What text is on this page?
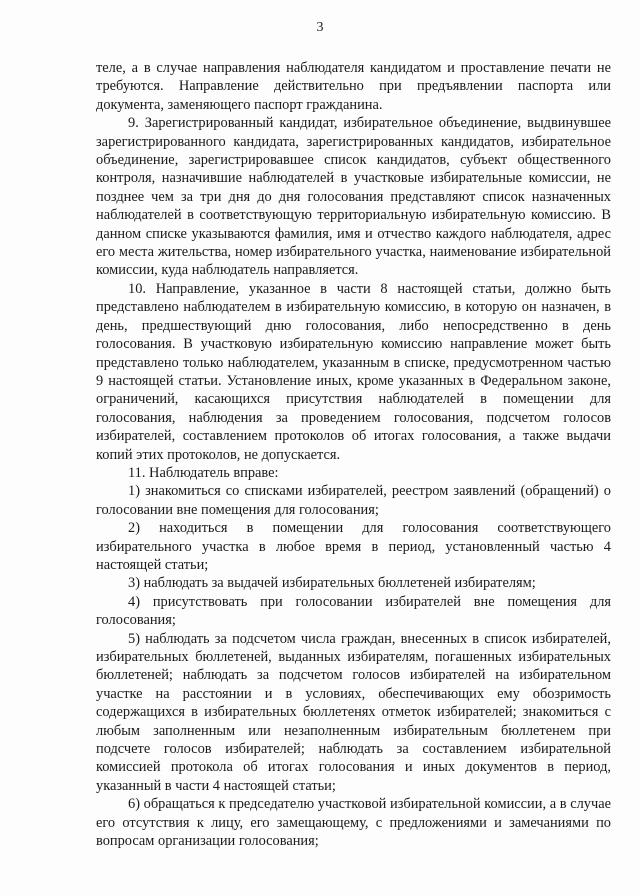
3

теле, а в случае направления наблюдателя кандидатом и проставление печати не требуются. Направление действительно при предъявлении паспорта или документа, заменяющего паспорт гражданина.

9. Зарегистрированный кандидат, избирательное объединение, выдвинувшее зарегистрированного кандидата, зарегистрированных кандидатов, избирательное объединение, зарегистрировавшее список кандидатов, субъект общественного контроля, назначившие наблюдателей в участковые избирательные комиссии, не позднее чем за три дня до дня голосования представляют список назначенных наблюдателей в соответствующую территориальную избирательную комиссию. В данном списке указываются фамилия, имя и отчество каждого наблюдателя, адрес его места жительства, номер избирательного участка, наименование избирательной комиссии, куда наблюдатель направляется.

10. Направление, указанное в части 8 настоящей статьи, должно быть представлено наблюдателем в избирательную комиссию, в которую он назначен, в день, предшествующий дню голосования, либо непосредственно в день голосования. В участковую избирательную комиссию направление может быть представлено только наблюдателем, указанным в списке, предусмотренном частью 9 настоящей статьи. Установление иных, кроме указанных в Федеральном законе, ограничений, касающихся присутствия наблюдателей в помещении для голосования, наблюдения за проведением голосования, подсчетом голосов избирателей, составлением протоколов об итогах голосования, а также выдачи копий этих протоколов, не допускается.

11. Наблюдатель вправе:

1) знакомиться со списками избирателей, реестром заявлений (обращений) о голосовании вне помещения для голосования;

2) находиться в помещении для голосования соответствующего избирательного участка в любое время в период, установленный частью 4 настоящей статьи;

3) наблюдать за выдачей избирательных бюллетеней избирателям;

4) присутствовать при голосовании избирателей вне помещения для голосования;

5) наблюдать за подсчетом числа граждан, внесенных в список избирателей, избирательных бюллетеней, выданных избирателям, погашенных избирательных бюллетеней; наблюдать за подсчетом голосов избирателей на избирательном участке на расстоянии и в условиях, обеспечивающих ему обозримость содержащихся в избирательных бюллетенях отметок избирателей; знакомиться с любым заполненным или незаполненным избирательным бюллетенем при подсчете голосов избирателей; наблюдать за составлением избирательной комиссией протокола об итогах голосования и иных документов в период, указанный в части 4 настоящей статьи;

6) обращаться к председателю участковой избирательной комиссии, а в случае его отсутствия к лицу, его замещающему, с предложениями и замечаниями по вопросам организации голосования;
